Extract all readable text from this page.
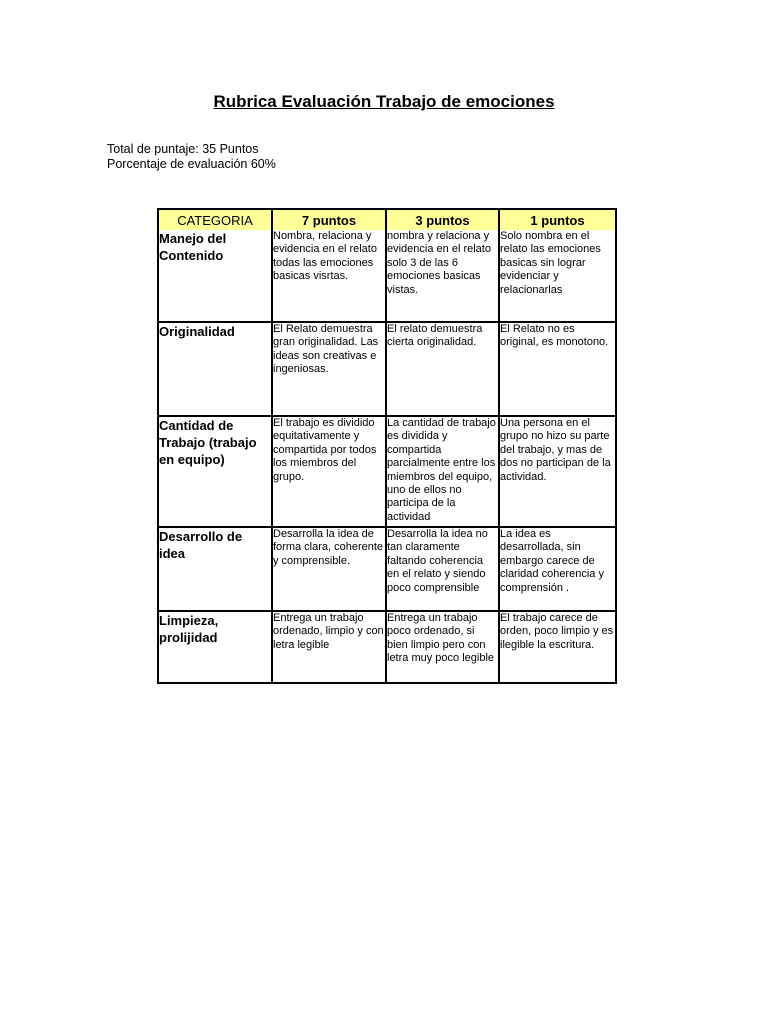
Rubrica Evaluación Trabajo de emociones
Total de puntaje: 35 Puntos
Porcentaje de evaluación 60%
CATEGORIA	7 puntos	3 puntos	1 puntos
Manejo del Contenido	Nombra, relaciona y evidencia en el relato todas las emociones basicas visrtas.	nombra y relaciona y evidencia en el relato solo 3 de las 6 emociones basicas vistas.	Solo nombra en el relato las emociones basicas sin lograr evidenciar y relacionarlas
Originalidad	El Relato demuestra gran originalidad. Las ideas son creativas e ingeniosas.	El relato demuestra cierta originalidad.	El Relato no es original, es monotono.
Cantidad de Trabajo (trabajo en equipo)	El trabajo es dividido equitativamente y compartida por todos los miembros del grupo.	La cantidad de trabajo es dividida y compartida parcialmente entre los miembros del equipo, uno de ellos no participa de la actividad	Una persona en el grupo no hizo su parte del trabajo, y mas de dos no participan de la actividad.
Desarrollo de idea	Desarrolla la idea de forma clara, coherente y comprensible.	Desarrolla la idea no tan claramente faltando coherencia en el relato y siendo poco comprensible	La idea es desarrollada, sin embargo carece de claridad coherencia y comprensión .
Limpieza, prolijidad	Entrega un trabajo ordenado, limpio y con letra legible	Entrega un trabajo poco ordenado, si bien limpio pero con letra muy poco legible	El trabajo carece de orden, poco limpio y es ilegible la escritura.
